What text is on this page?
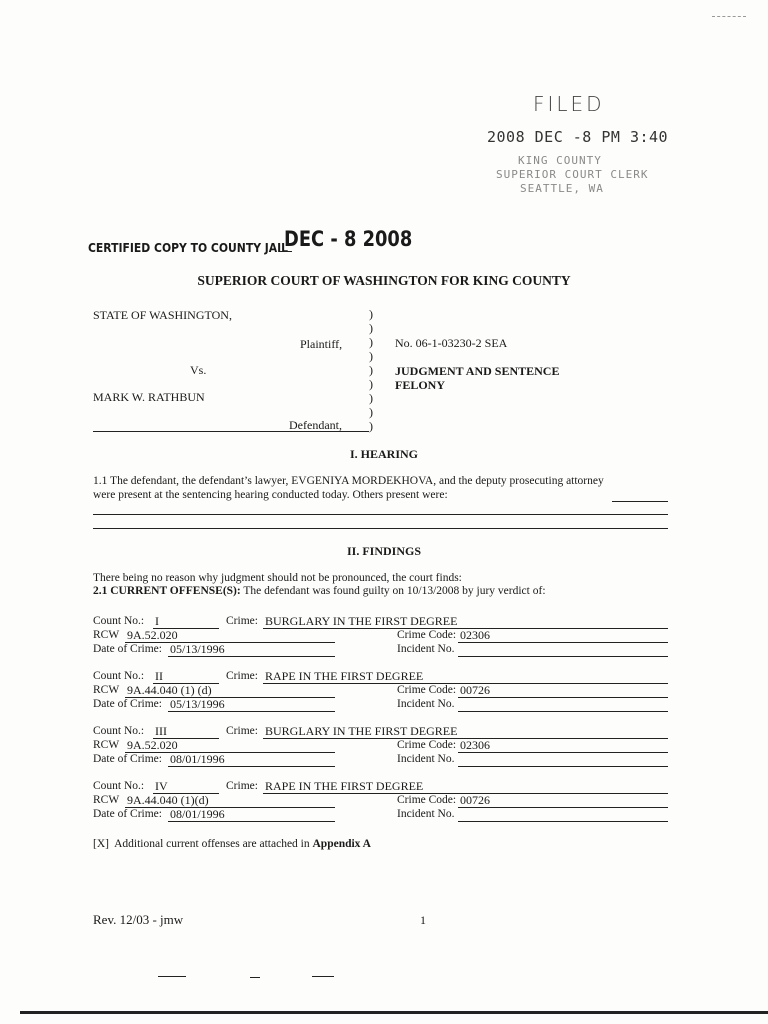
FILED
2008 DEC -8 PM 3:40
KING COUNTY
SUPERIOR COURT CLERK
SEATTLE, WA
CERTIFIED COPY TO COUNTY JAIL
DEC - 8 2008
SUPERIOR COURT OF WASHINGTON FOR KING COUNTY
STATE OF WASHINGTON,
Plaintiff,
Vs.
MARK W. RATHBUN
Defendant,
)
)
)
)
)
)
)
)
)
No. 06-1-03230-2 SEA
JUDGMENT AND SENTENCE
FELONY
I. HEARING
1.1 The defendant, the defendant’s lawyer, EVGENIYA MORDEKHOVA, and the deputy prosecuting attorney
were present at the sentencing hearing conducted today. Others present were:
II. FINDINGS
There being no reason why judgment should not be pronounced, the court finds:
2.1 CURRENT OFFENSE(S): The defendant was found guilty on 10/13/2008 by jury verdict of:
Count No.: I	Crime: BURGLARY IN THE FIRST DEGREE
RCW 9A.52.020	Crime Code: 02306
Date of Crime: 05/13/1996	Incident No.
Count No.: II	Crime: RAPE IN THE FIRST DEGREE
RCW 9A.44.040 (1) (d)	Crime Code: 00726
Date of Crime: 05/13/1996	Incident No.
Count No.: III	Crime: BURGLARY IN THE FIRST DEGREE
RCW 9A.52.020	Crime Code: 02306
Date of Crime: 08/01/1996	Incident No.
Count No.: IV	Crime: RAPE IN THE FIRST DEGREE
RCW 9A.44.040 (1)(d)	Crime Code: 00726
Date of Crime: 08/01/1996	Incident No.
[X] Additional current offenses are attached in Appendix A
Rev. 12/03 - jmw	1
